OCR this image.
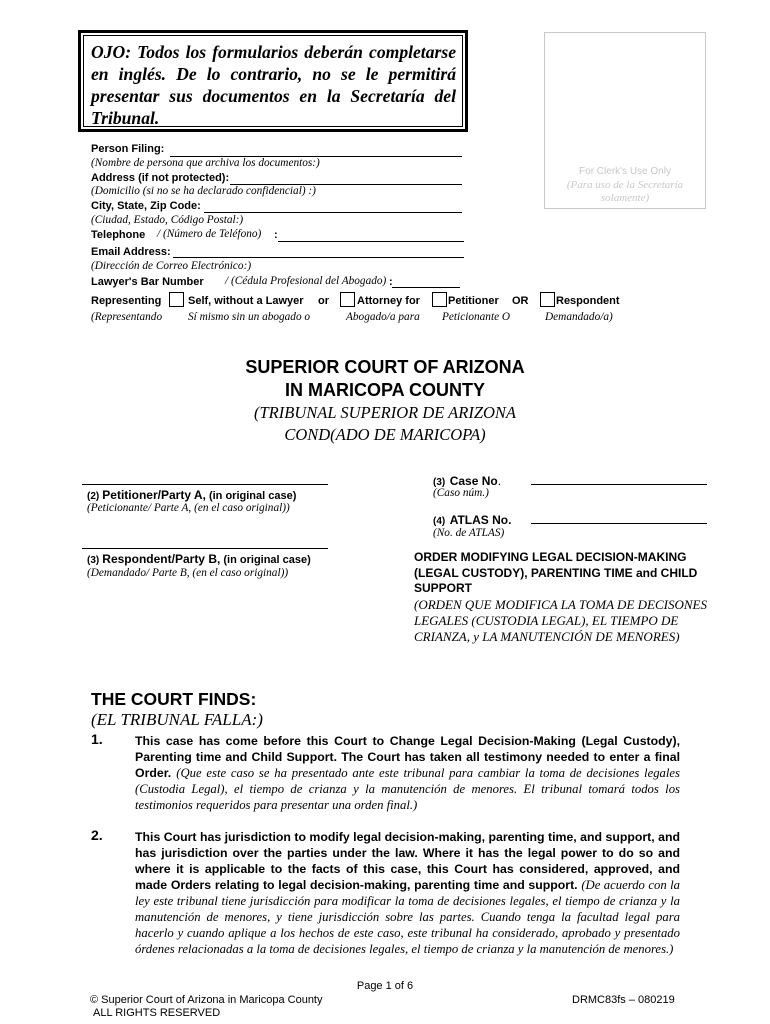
OJO: Todos los formularios deberán completarse en inglés. De lo contrario, no se le permitirá presentar sus documentos en la Secretaría del Tribunal.
For Clerk's Use Only
(Para uso de la Secretaría solamente)
Person Filing:
(Nombre de persona que archiva los documentos:)
Address (if not protected):
(Domicilio (si no se ha declarado confidencial) :)
City, State, Zip Code:
(Ciudad, Estado, Código Postal:)
Telephone / (Número de Teléfono) :
Email Address:
(Dirección de Correo Electrónico:)
Lawyer's Bar Number / (Cédula Profesional del Abogado) :
Representing Self, without a Lawyer or	Attorney for	Petitioner OR	Respondent
(Representando Sí mismo sin un abogado o	Abogado/a para Peticionante O	Demandado/a)
SUPERIOR COURT OF ARIZONA
IN MARICOPA COUNTY
(TRIBUNAL SUPERIOR DE ARIZONA
COND(ADO DE MARICOPA)
(2) Petitioner/Party A, (in original case)
(Peticionante/ Parte A, (en el caso original))
(3) Respondent/Party B, (in original case)
(Demandado/ Parte B, (en el caso original))
(3) Case No.
(Caso núm.)
(4) ATLAS No.
(No. de ATLAS)
ORDER MODIFYING LEGAL DECISION-MAKING (LEGAL CUSTODY), PARENTING TIME and CHILD SUPPORT
(ORDEN QUE MODIFICA LA TOMA DE DECISONES LEGALES (CUSTODIA LEGAL), EL TIEMPO DE CRIANZA, y LA MANUTENCIÓN DE MENORES)
THE COURT FINDS:
(EL TRIBUNAL FALLA:)
1.	This case has come before this Court to Change Legal Decision-Making (Legal Custody), Parenting time and Child Support. The Court has taken all testimony needed to enter a final Order. (Que este caso se ha presentado ante este tribunal para cambiar la toma de decisiones legales (Custodia Legal), el tiempo de crianza y la manutención de menores. El tribunal tomará todos los testimonios requeridos para presentar una orden final.)
2.	This Court has jurisdiction to modify legal decision-making, parenting time, and support, and has jurisdiction over the parties under the law. Where it has the legal power to do so and where it is applicable to the facts of this case, this Court has considered, approved, and made Orders relating to legal decision-making, parenting time and support. (De acuerdo con la ley este tribunal tiene jurisdicción para modificar la toma de decisiones legales, el tiempo de crianza y la manutención de menores, y tiene jurisdicción sobre las partes. Cuando tenga la facultad legal para hacerlo y cuando aplique a los hechos de este caso, este tribunal ha considerado, aprobado y presentado órdenes relacionadas a la toma de decisiones legales, el tiempo de crianza y la manutención de menores.)
Page 1 of 6
© Superior Court of Arizona in Maricopa County
ALL RIGHTS RESERVED
DRMC83fs – 080219
